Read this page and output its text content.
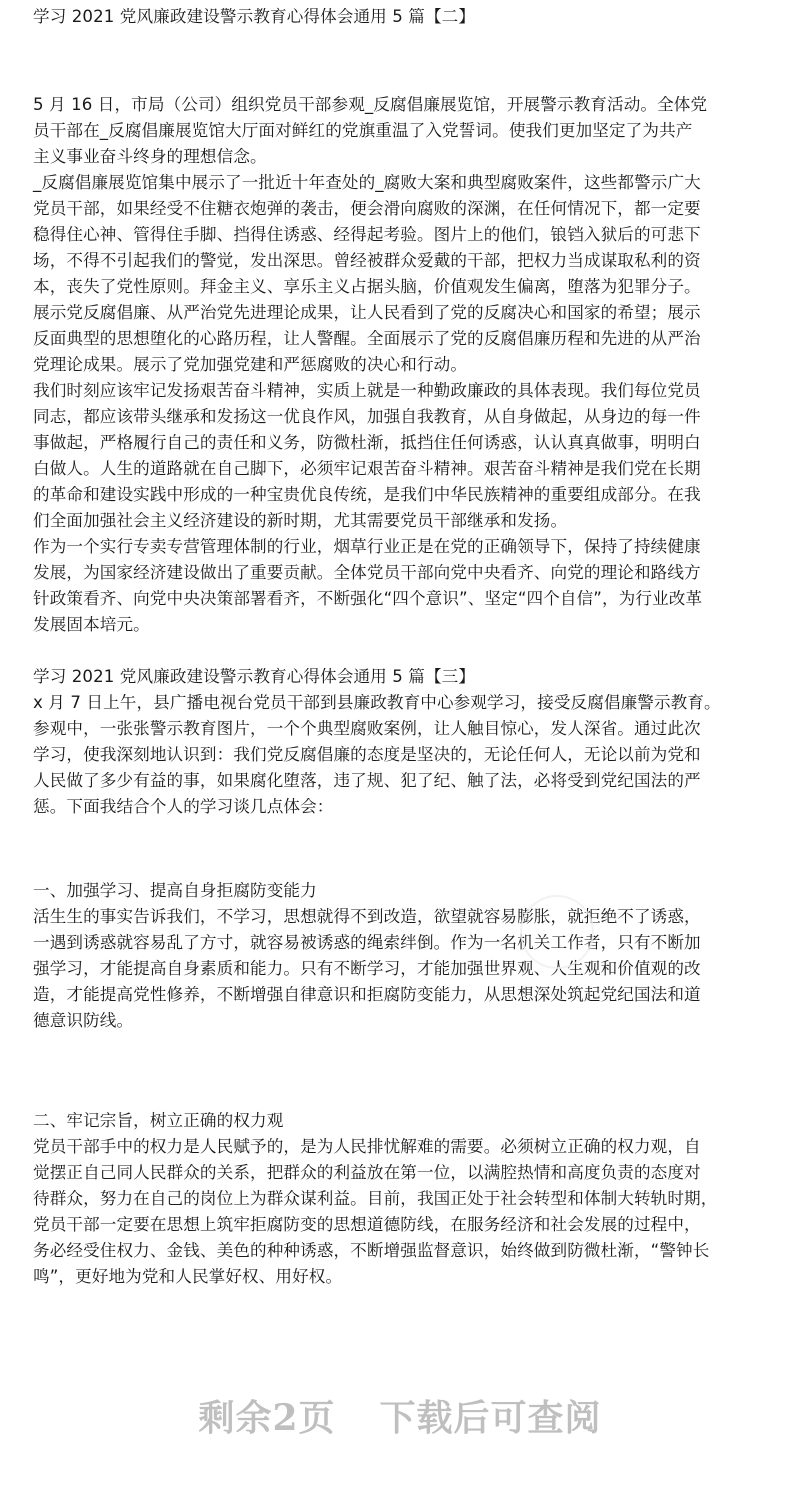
学习 2021 党风廉政建设警示教育心得体会通用 5 篇【二】
5 月 16 日，市局（公司）组织党员干部参观_反腐倡廉展览馆，开展警示教育活动。全体党
员干部在_反腐倡廉展览馆大厅面对鲜红的党旗重温了入党誓词。使我们更加坚定了为共产
主义事业奋斗终身的理想信念。
_反腐倡廉展览馆集中展示了一批近十年查处的_腐败大案和典型腐败案件，这些都警示广大
党员干部，如果经受不住糖衣炮弹的袭击，便会滑向腐败的深渊，在任何情况下，都一定要
稳得住心神、管得住手脚、挡得住诱惑、经得起考验。图片上的他们，锒铛入狱后的可悲下
场，不得不引起我们的警觉，发出深思。曾经被群众爱戴的干部，把权力当成谋取私利的资
本，丧失了党性原则。拜金主义、享乐主义占据头脑，价值观发生偏离，堕落为犯罪分子。
展示党反腐倡廉、从严治党先进理论成果，让人民看到了党的反腐决心和国家的希望；展示
反面典型的思想堕化的心路历程，让人警醒。全面展示了党的反腐倡廉历程和先进的从严治
党理论成果。展示了党加强党建和严惩腐败的决心和行动。
我们时刻应该牢记发扬艰苦奋斗精神，实质上就是一种勤政廉政的具体表现。我们每位党员
同志，都应该带头继承和发扬这一优良作风，加强自我教育，从自身做起，从身边的每一件
事做起，严格履行自己的责任和义务，防微杜渐，抵挡住任何诱惑，认认真真做事，明明白
白做人。人生的道路就在自己脚下，必须牢记艰苦奋斗精神。艰苦奋斗精神是我们党在长期
的革命和建设实践中形成的一种宝贵优良传统，是我们中华民族精神的重要组成部分。在我
们全面加强社会主义经济建设的新时期，尤其需要党员干部继承和发扬。
作为一个实行专卖专营管理体制的行业，烟草行业正是在党的正确领导下，保持了持续健康
发展，为国家经济建设做出了重要贡献。全体党员干部向党中央看齐、向党的理论和路线方
针政策看齐、向党中央决策部署看齐，不断强化“四个意识”、坚定“四个自信”，为行业改革
发展固本培元。
学习 2021 党风廉政建设警示教育心得体会通用 5 篇【三】
x 月 7 日上午，县广播电视台党员干部到县廉政教育中心参观学习，接受反腐倡廉警示教育。
参观中，一张张警示教育图片，一个个典型腐败案例，让人触目惊心，发人深省。通过此次
学习，使我深刻地认识到：我们党反腐倡廉的态度是坚决的，无论任何人，无论以前为党和
人民做了多少有益的事，如果腐化堕落，违了规、犯了纪、触了法，必将受到党纪国法的严
惩。下面我结合个人的学习谈几点体会：
一、加强学习、提高自身拒腐防变能力
活生生的事实告诉我们，不学习，思想就得不到改造，欲望就容易膨胀，就拒绝不了诱惑，
一遇到诱惑就容易乱了方寸，就容易被诱惑的绳索绊倒。作为一名机关工作者，只有不断加
强学习，才能提高自身素质和能力。只有不断学习，才能加强世界观、人生观和价值观的改
造，才能提高党性修养，不断增强自律意识和拒腐防变能力，从思想深处筑起党纪国法和道
德意识防线。
二、牢记宗旨，树立正确的权力观
党员干部手中的权力是人民赋予的，是为人民排忧解难的需要。必须树立正确的权力观，自
觉摆正自己同人民群众的关系，把群众的利益放在第一位，以满腔热情和高度负责的态度对
待群众，努力在自己的岗位上为群众谋利益。目前，我国正处于社会转型和体制大转轨时期，
党员干部一定要在思想上筑牢拒腐防变的思想道德防线，在服务经济和社会发展的过程中，
务必经受住权力、金钱、美色的种种诱惑，不断增强监督意识，始终做到防微杜渐，“警钟长
鸣”，更好地为党和人民掌好权、用好权。
剩余2页 下载后可查阅
